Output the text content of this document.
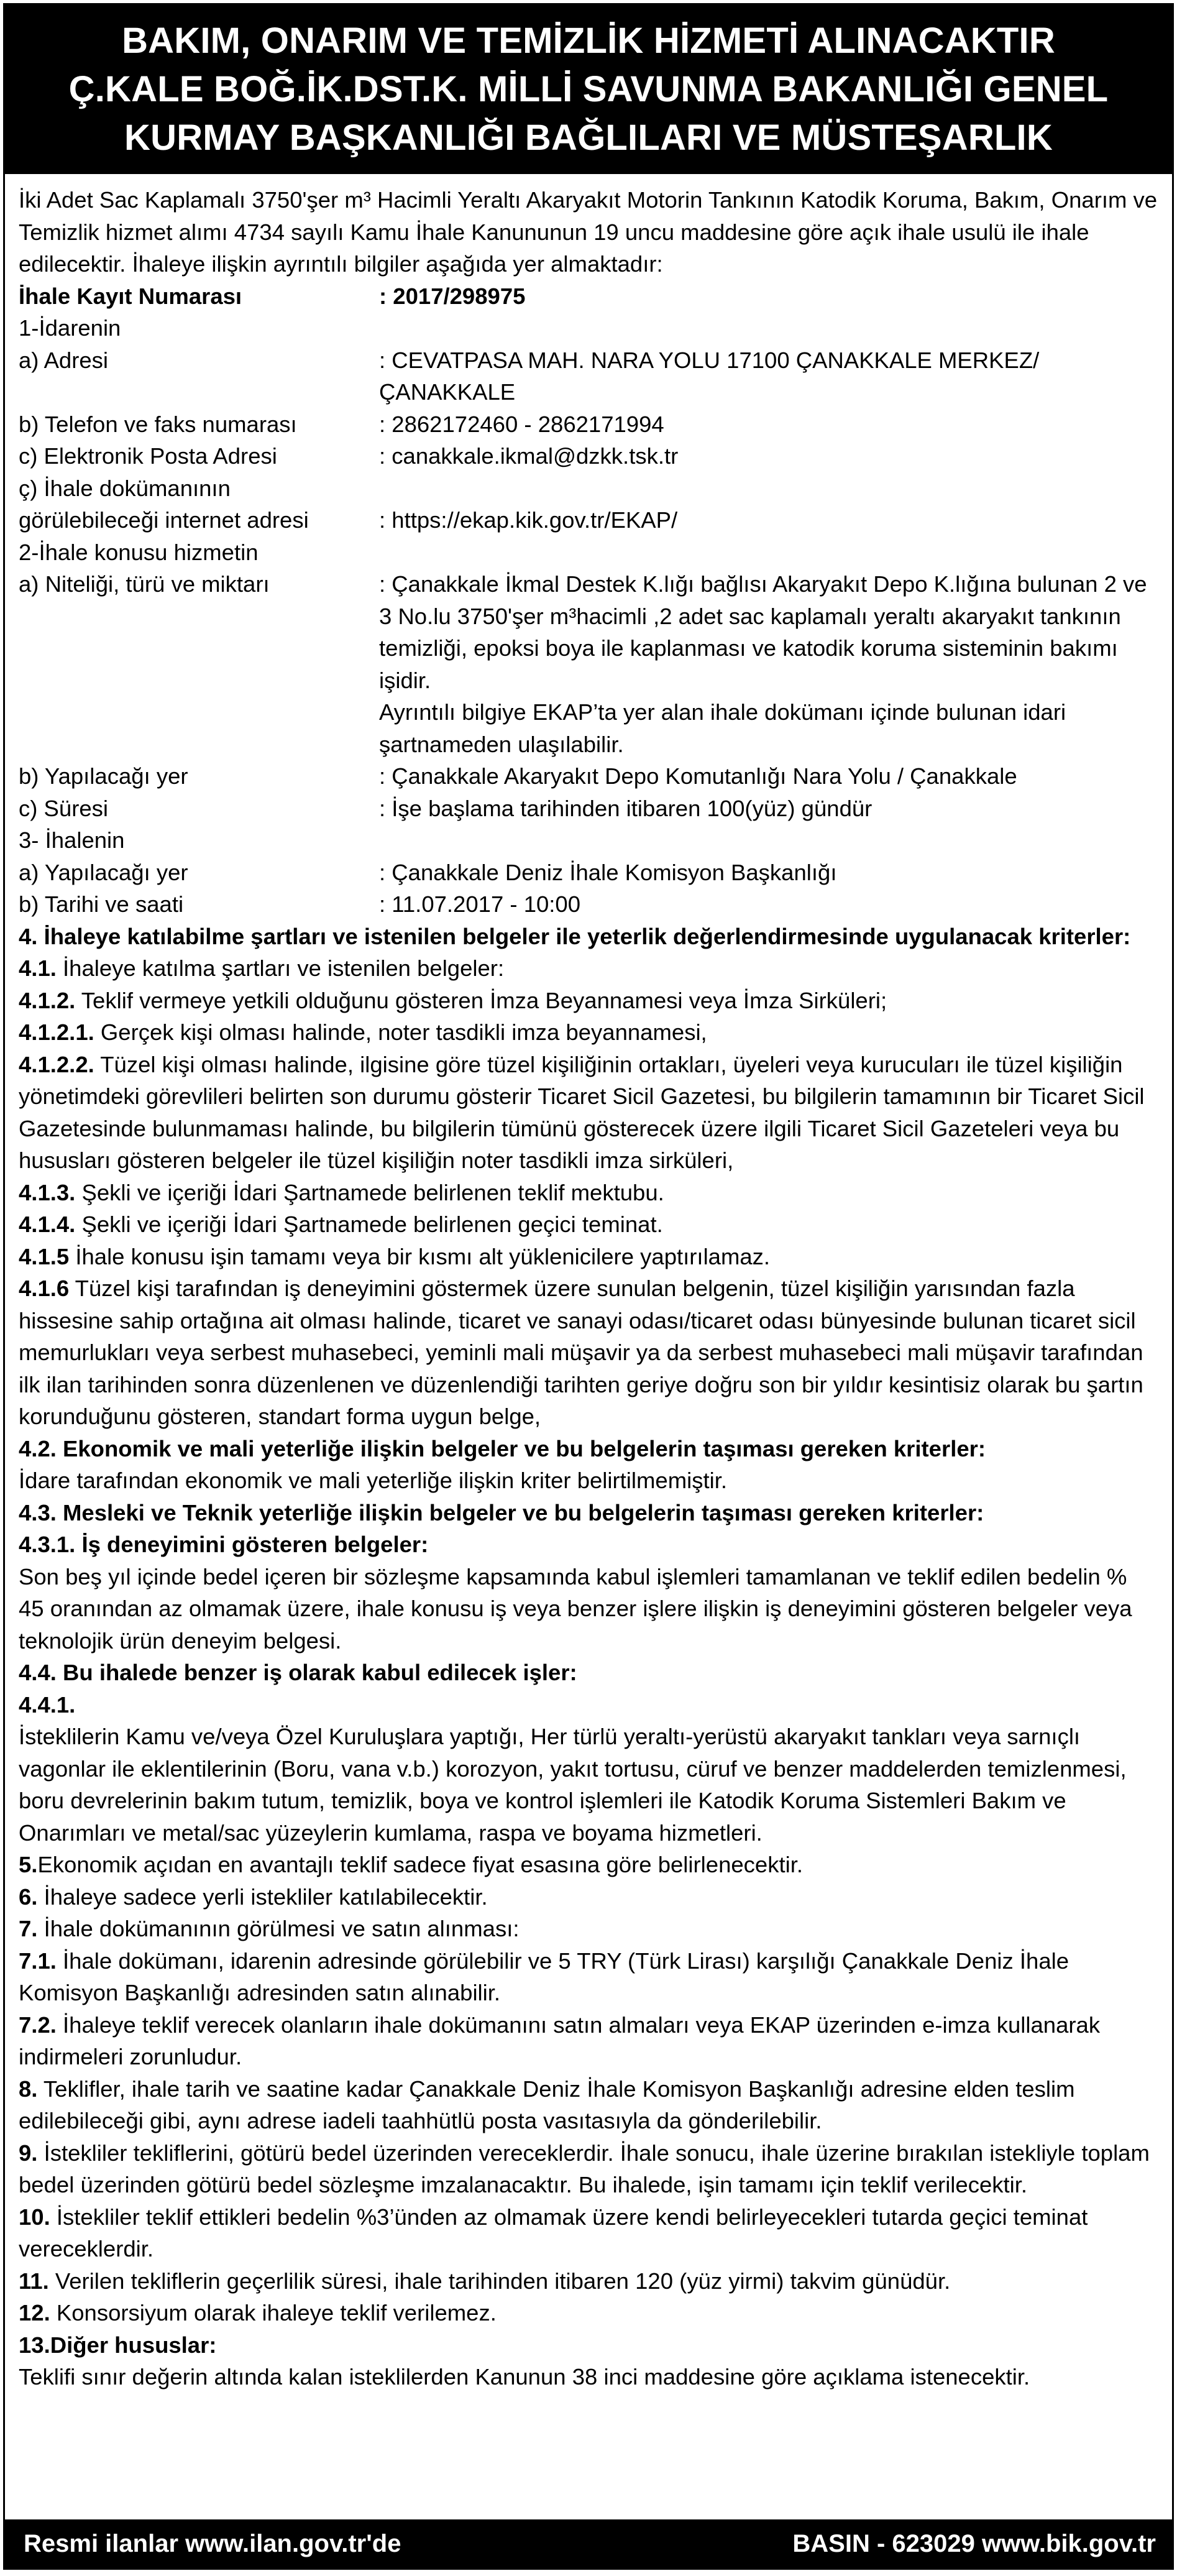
BAKIM, ONARIM VE TEMİZLİK HİZMETİ ALINACAKTIR
Ç.KALE BOĞ.İK.DST.K. MİLLİ SAVUNMA BAKANLIĞI GENEL
KURMAY BAŞKANLIĞI BAĞLILARI VE MÜSTEŞARLIK

İki Adet Sac Kaplamalı 3750'şer m³ Hacimli Yeraltı Akaryakıt Motorin Tankının Katodik Koruma, Bakım, Onarım ve Temizlik hizmet alımı 4734 sayılı Kamu İhale Kanununun 19 uncu maddesine göre açık ihale usulü ile ihale edilecektir. İhaleye ilişkin ayrıntılı bilgiler aşağıda yer almaktadır:

İhale Kayıt Numarası	: 2017/298975

1-İdarenin

a) Adresi	: CEVATPASA MAH. NARA YOLU 17100 ÇANAKKALE MERKEZ/ÇANAKKALE
b) Telefon ve faks numarası	: 2862172460 - 2862171994
c) Elektronik Posta Adresi	: canakkale.ikmal@dzkk.tsk.tr

ç) İhale dokümanının

görülebileceği internet adresi	: https://ekap.kik.gov.tr/EKAP/

2-İhale konusu hizmetin

a) Niteliği, türü ve miktarı	: Çanakkale İkmal Destek K.lığı bağlısı Akaryakıt Depo K.lığına bulunan 2 ve 3 No.lu 3750'şer m³hacimli ,2 adet sac kaplamalı yeraltı akaryakıt tankının temizliği, epoksi boya ile kaplanması ve katodik koruma sisteminin bakımı işidir.
Ayrıntılı bilgiye EKAP’ta yer alan ihale dokümanı içinde bulunan idari şartnameden ulaşılabilir.
b) Yapılacağı yer	: Çanakkale Akaryakıt Depo Komutanlığı Nara Yolu / Çanakkale
c) Süresi	: İşe başlama tarihinden itibaren 100(yüz) gündür

3- İhalenin

a) Yapılacağı yer	: Çanakkale Deniz İhale Komisyon Başkanlığı
b) Tarihi ve saati	: 11.07.2017 - 10:00

4. İhaleye katılabilme şartları ve istenilen belgeler ile yeterlik değerlendirmesinde uygulanacak kriterler:

4.1. İhaleye katılma şartları ve istenilen belgeler:

4.1.2. Teklif vermeye yetkili olduğunu gösteren İmza Beyannamesi veya İmza Sirküleri;

4.1.2.1. Gerçek kişi olması halinde, noter tasdikli imza beyannamesi,

4.1.2.2. Tüzel kişi olması halinde, ilgisine göre tüzel kişiliğinin ortakları, üyeleri veya kurucuları ile tüzel kişiliğin yönetimdeki görevlileri belirten son durumu gösterir Ticaret Sicil Gazetesi, bu bilgilerin tamamının bir Ticaret Sicil Gazetesinde bulunmaması halinde, bu bilgilerin tümünü gösterecek üzere ilgili Ticaret Sicil Gazeteleri veya bu hususları gösteren belgeler ile tüzel kişiliğin noter tasdikli imza sirküleri,

4.1.3. Şekli ve içeriği İdari Şartnamede belirlenen teklif mektubu.

4.1.4. Şekli ve içeriği İdari Şartnamede belirlenen geçici teminat.

4.1.5 İhale konusu işin tamamı veya bir kısmı alt yüklenicilere yaptırılamaz.

4.1.6 Tüzel kişi tarafından iş deneyimini göstermek üzere sunulan belgenin, tüzel kişiliğin yarısından fazla hissesine sahip ortağına ait olması halinde, ticaret ve sanayi odası/ticaret odası bünyesinde bulunan ticaret sicil memurlukları veya serbest muhasebeci, yeminli mali müşavir ya da serbest muhasebeci mali müşavir tarafından ilk ilan tarihinden sonra düzenlenen ve düzenlendiği tarihten geriye doğru son bir yıldır kesintisiz olarak bu şartın korunduğunu gösteren, standart forma uygun belge,

4.2. Ekonomik ve mali yeterliğe ilişkin belgeler ve bu belgelerin taşıması gereken kriterler:

İdare tarafından ekonomik ve mali yeterliğe ilişkin kriter belirtilmemiştir.

4.3. Mesleki ve Teknik yeterliğe ilişkin belgeler ve bu belgelerin taşıması gereken kriterler:

4.3.1. İş deneyimini gösteren belgeler:

Son beş yıl içinde bedel içeren bir sözleşme kapsamında kabul işlemleri tamamlanan ve teklif edilen bedelin % 45 oranından az olmamak üzere, ihale konusu iş veya benzer işlere ilişkin iş deneyimini gösteren belgeler veya teknolojik ürün deneyim belgesi.

4.4. Bu ihalede benzer iş olarak kabul edilecek işler:

4.4.1.

İsteklilerin Kamu ve/veya Özel Kuruluşlara yaptığı, Her türlü yeraltı-yerüstü akaryakıt tankları veya sarnıçlı vagonlar ile eklentilerinin (Boru, vana v.b.) korozyon, yakıt tortusu, cüruf ve benzer maddelerden temizlenmesi, boru devrelerinin bakım tutum, temizlik, boya ve kontrol işlemleri ile Katodik Koruma Sistemleri Bakım ve Onarımları ve metal/sac yüzeylerin kumlama, raspa ve boyama hizmetleri.

5.Ekonomik açıdan en avantajlı teklif sadece fiyat esasına göre belirlenecektir.

6. İhaleye sadece yerli istekliler katılabilecektir.

7. İhale dokümanının görülmesi ve satın alınması:

7.1. İhale dokümanı, idarenin adresinde görülebilir ve 5 TRY (Türk Lirası) karşılığı Çanakkale Deniz İhale Komisyon Başkanlığı adresinden satın alınabilir.

7.2. İhaleye teklif verecek olanların ihale dokümanını satın almaları veya EKAP üzerinden e-imza kullanarak indirmeleri zorunludur.

8. Teklifler, ihale tarih ve saatine kadar Çanakkale Deniz İhale Komisyon Başkanlığı adresine elden teslim edilebileceği gibi, aynı adrese iadeli taahhütlü posta vasıtasıyla da gönderilebilir.

9. İstekliler tekliflerini, götürü bedel üzerinden vereceklerdir. İhale sonucu, ihale üzerine bırakılan istekliyle toplam bedel üzerinden götürü bedel sözleşme imzalanacaktır. Bu ihalede, işin tamamı için teklif verilecektir.

10. İstekliler teklif ettikleri bedelin %3’ünden az olmamak üzere kendi belirleyecekleri tutarda geçici teminat vereceklerdir.

11. Verilen tekliflerin geçerlilik süresi, ihale tarihinden itibaren 120 (yüz yirmi) takvim günüdür.

12. Konsorsiyum olarak ihaleye teklif verilemez.

13.Diğer hususlar:

Teklifi sınır değerin altında kalan isteklilerden Kanunun 38 inci maddesine göre açıklama istenecektir.

Resmi ilanlar www.ilan.gov.tr'de	BASIN - 623029 www.bik.gov.tr
